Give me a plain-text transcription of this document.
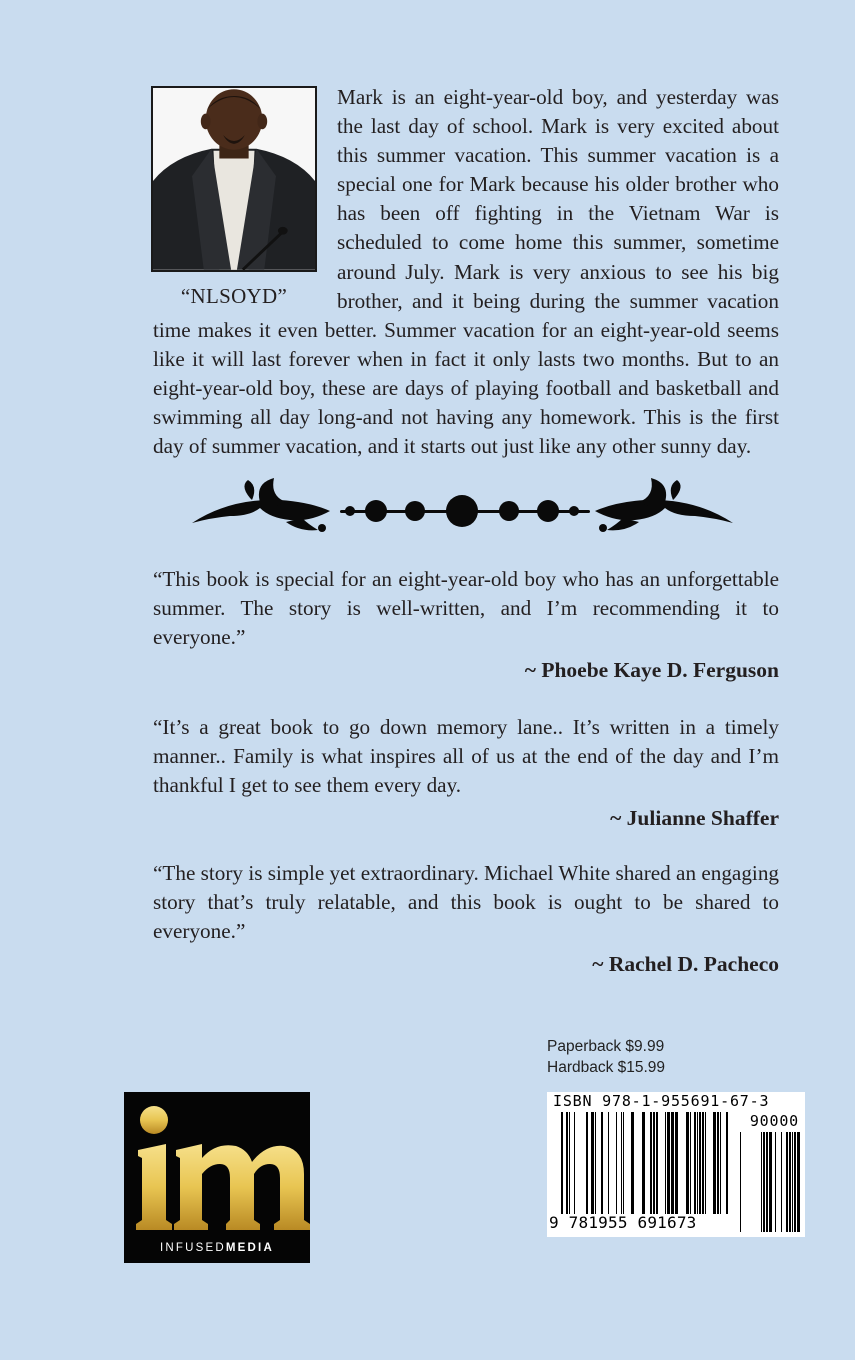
“NLSOYD”

Mark is an eight-year-old boy, and yesterday was the last day of school. Mark is very excited about this summer vacation. This summer vacation is a special one for Mark because his older brother who has been off fighting in the Vietnam War is scheduled to come home this summer, sometime around July. Mark is very anxious to see his big brother, and it being during the summer vacation time makes it even better. Summer vacation for an eight-year-old seems like it will last forever when in fact it only lasts two months. But to an eight-year-old boy, these are days of playing football and basketball and swimming all day long-and not having any homework. This is the first day of summer vacation, and it starts out just like any other sunny day.

“This book is special for an eight-year-old boy who has an unforgettable summer. The story is well-written, and I’m recommending it to everyone.”

~ Phoebe Kaye D. Ferguson

“It’s a great book to go down memory lane.. It’s written in a timely manner.. Family is what inspires all of us at the end of the day and I’m thankful I get to see them every day.

~ Julianne Shaffer

“The story is simple yet extraordinary. Michael White shared an engaging story that’s truly relatable, and this book is ought to be shared to everyone.”

~ Rachel D. Pacheco

Paperback $9.99
Hardback $15.99
INFUSEDMEDIA
ISBN 978-1-955691-67-3
90000
9 781955 691673
